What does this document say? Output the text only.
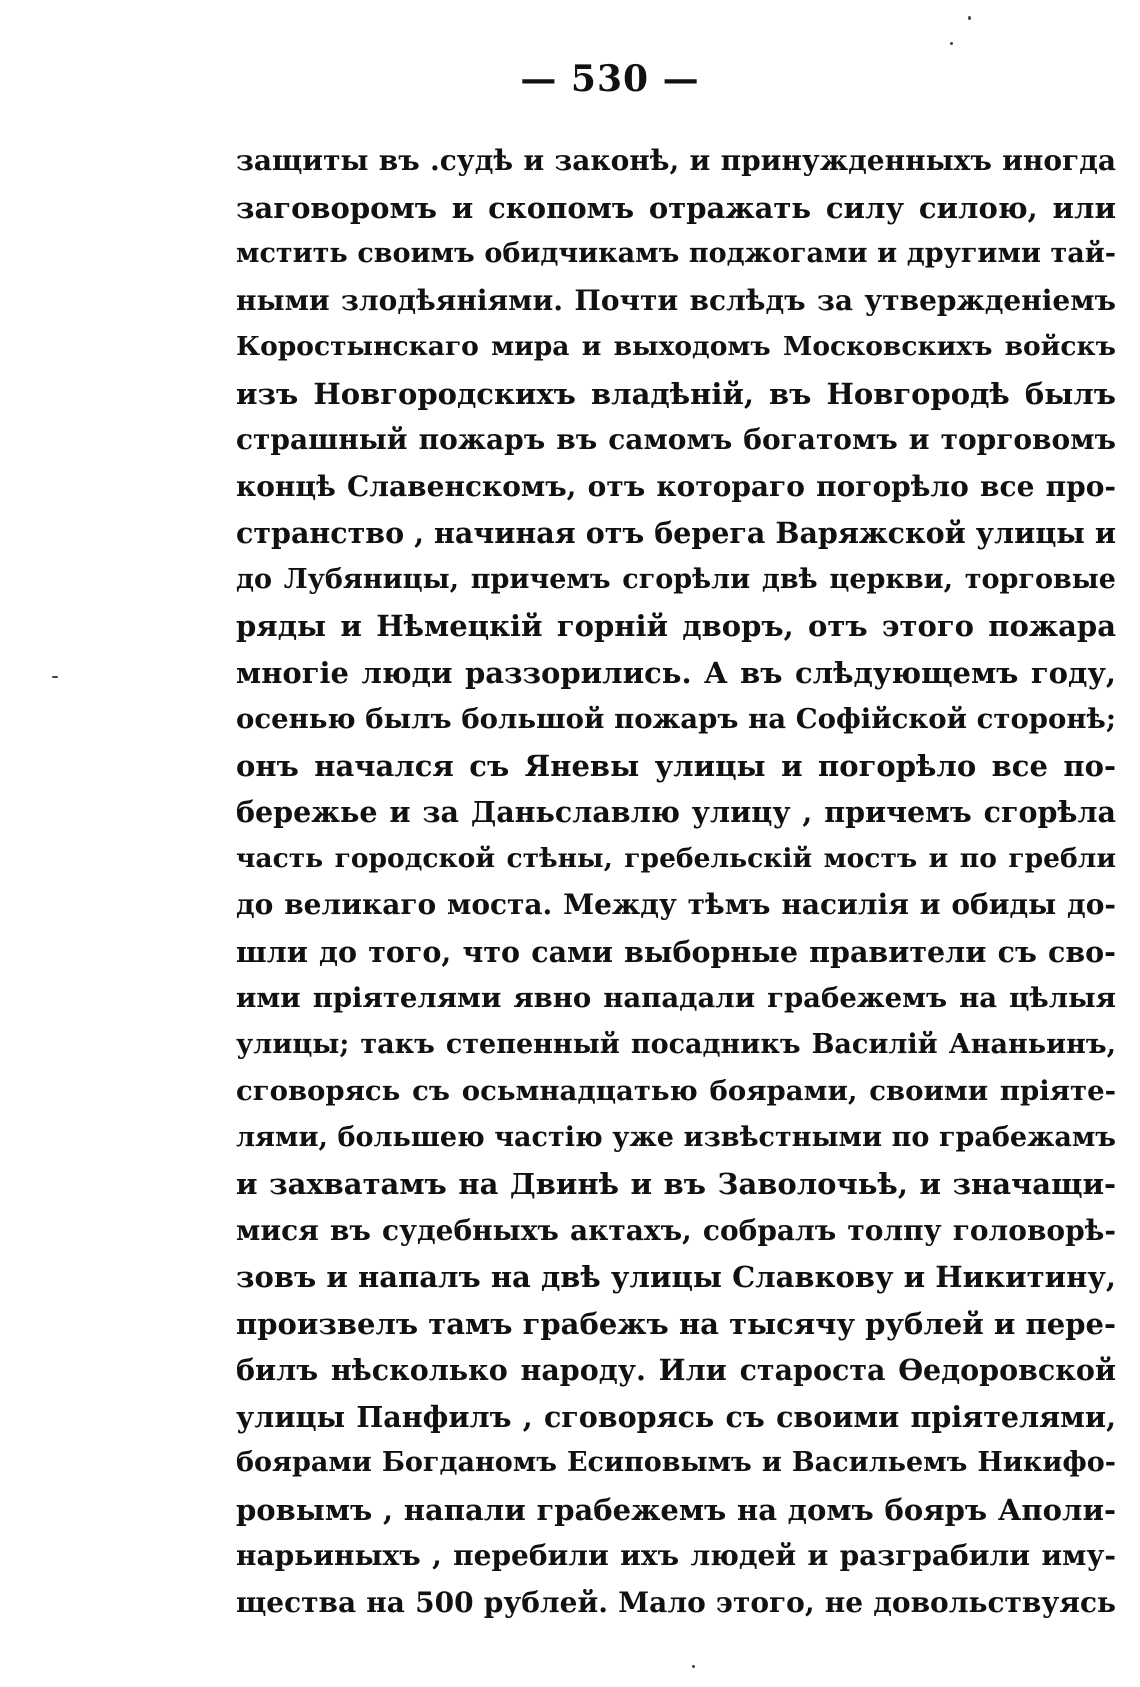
— 530 —
защиты въ .судѣ и законѣ, и принужденныхъ иногда
заговоромъ и скопомъ отражать силу силою, или
мстить своимъ обидчикамъ поджогами и другими тай-
ными злодѣяніями. Почти вслѣдъ за утвержденіемъ
Коростынскаго мира и выходомъ Московскихъ войскъ
изъ Новгородскихъ владѣній, въ Новгородѣ былъ
страшный пожаръ въ самомъ богатомъ и торговомъ
концѣ Славенскомъ, отъ котораго погорѣло все про-
странство , начиная отъ берега Варяжской улицы и
до Лубяницы, причемъ сгорѣли двѣ церкви, торговые
ряды и Нѣмецкій горній дворъ, отъ этого пожара
многіе люди раззорились. А въ слѣдующемъ году,
осенью былъ большой пожаръ на Софійской сторонѣ;
онъ начался съ Яневы улицы и погорѣло все по-
бережье и за Даньславлю улицу , причемъ сгорѣла
часть городской стѣны, гребельскій мостъ и по гребли
до великаго моста. Между тѣмъ насилія и обиды до-
шли до того, что сами выборные правители съ сво-
ими пріятелями явно нападали грабежемъ на цѣлыя
улицы; такъ степенный посадникъ Василій Ананьинъ,
сговорясь съ осьмнадцатью боярами, своими пріяте-
лями, большею частію уже извѣстными по грабежамъ
и захватамъ на Двинѣ и въ Заволочьѣ, и значащи-
мися въ судебныхъ актахъ, собралъ толпу головорѣ-
зовъ и напалъ на двѣ улицы Славкову и Никитину,
произвелъ тамъ грабежъ на тысячу рублей и пере-
билъ нѣсколько народу. Или староста Ѳедоровской
улицы Панфилъ , сговорясь съ своими пріятелями,
боярами Богданомъ Есиповымъ и Васильемъ Никифо-
ровымъ , напали грабежемъ на домъ бояръ Аполи-
нарьиныхъ , перебили ихъ людей и разграбили иму-
щества на 500 рублей. Мало этого, не довольствуясь
